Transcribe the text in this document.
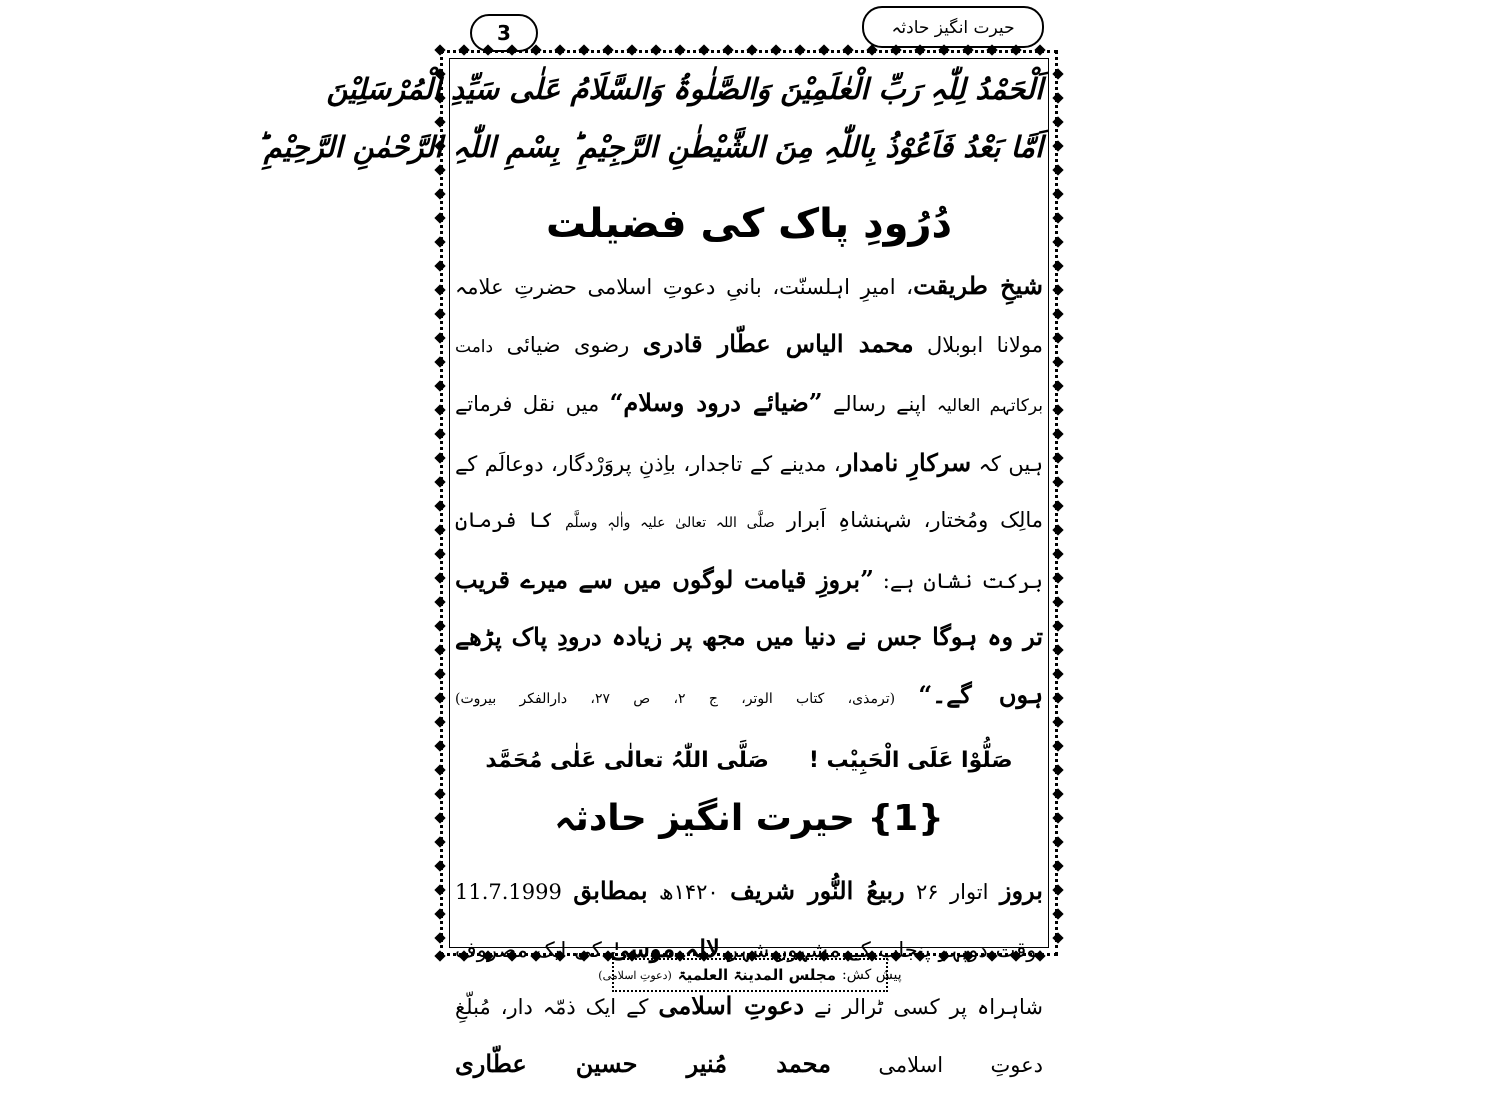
3	حیرت انگیز حادثہ
اَلْحَمْدُ لِلّٰہِ رَبِّ الْعٰلَمِیْنَ وَالصَّلٰوۃُ وَالسَّلَامُ عَلٰی سَیِّدِ الْمُرْسَلِیْنَ
اَمَّا بَعْدُ فَاَعُوْذُ بِاللّٰہِ مِنَ الشَّیْطٰنِ الرَّجِیْمِ ؕ بِسْمِ اللّٰہِ الرَّحْمٰنِ الرَّحِیْمِ ؕ
دُرُودِ پاک کی فضیلت
شیخِ طریقت، امیرِ اہلسنّت، بانیِ دعوتِ اسلامی حضرتِ علامہ مولانا ابوبلال محمد الیاس عطّار قادری رضوی ضیائی دامت برکاتہم العالیہ اپنے رسالے ”ضیائے درود وسلام“ میں نقل فرماتے ہیں کہ سرکارِ نامدار، مدینے کے تاجدار، باِذنِ پروَرْدگار، دوعالَم کے مالِک ومُختار، شہنشاہِ اَبرار صلَّی اللہ تعالیٰ علیہ واٰلہٖ وسلَّم کا فرمانِ برکت نشان ہے: ”بروزِ قیامت لوگوں میں سے میرے قریب تر وہ ہوگا جس نے دنیا میں مجھ پر زیادہ درودِ پاک پڑھے ہوں گے۔“ (ترمذی، کتاب الوتر، ج ۲، ص ۲۷، دارالفکر بیروت)
صَلُّوْا عَلَی الْحَبِیْب !
صَلَّی اللّٰہُ تعالٰی عَلٰی مُحَمَّد
{1} حیرت انگیز حادثہ
بروز اتوار ۲۶ ربیعُ النُّور شریف ۱۴۲۰ھ بمطابق 11.7.1999 بوقت دوپہر پنجاب کے مشہور شہر لالہ موسیٰ کی ایک مصروف شاہراہ پر کسی ٹرالر نے دعوتِ اسلامی کے ایک ذمّہ دار، مُبلّغِ دعوتِ اسلامی محمد مُنیر حسین عطّاری
پیش کش:
مجلس المدینۃ العلمیۃ
(دعوتِ اسلامی)
